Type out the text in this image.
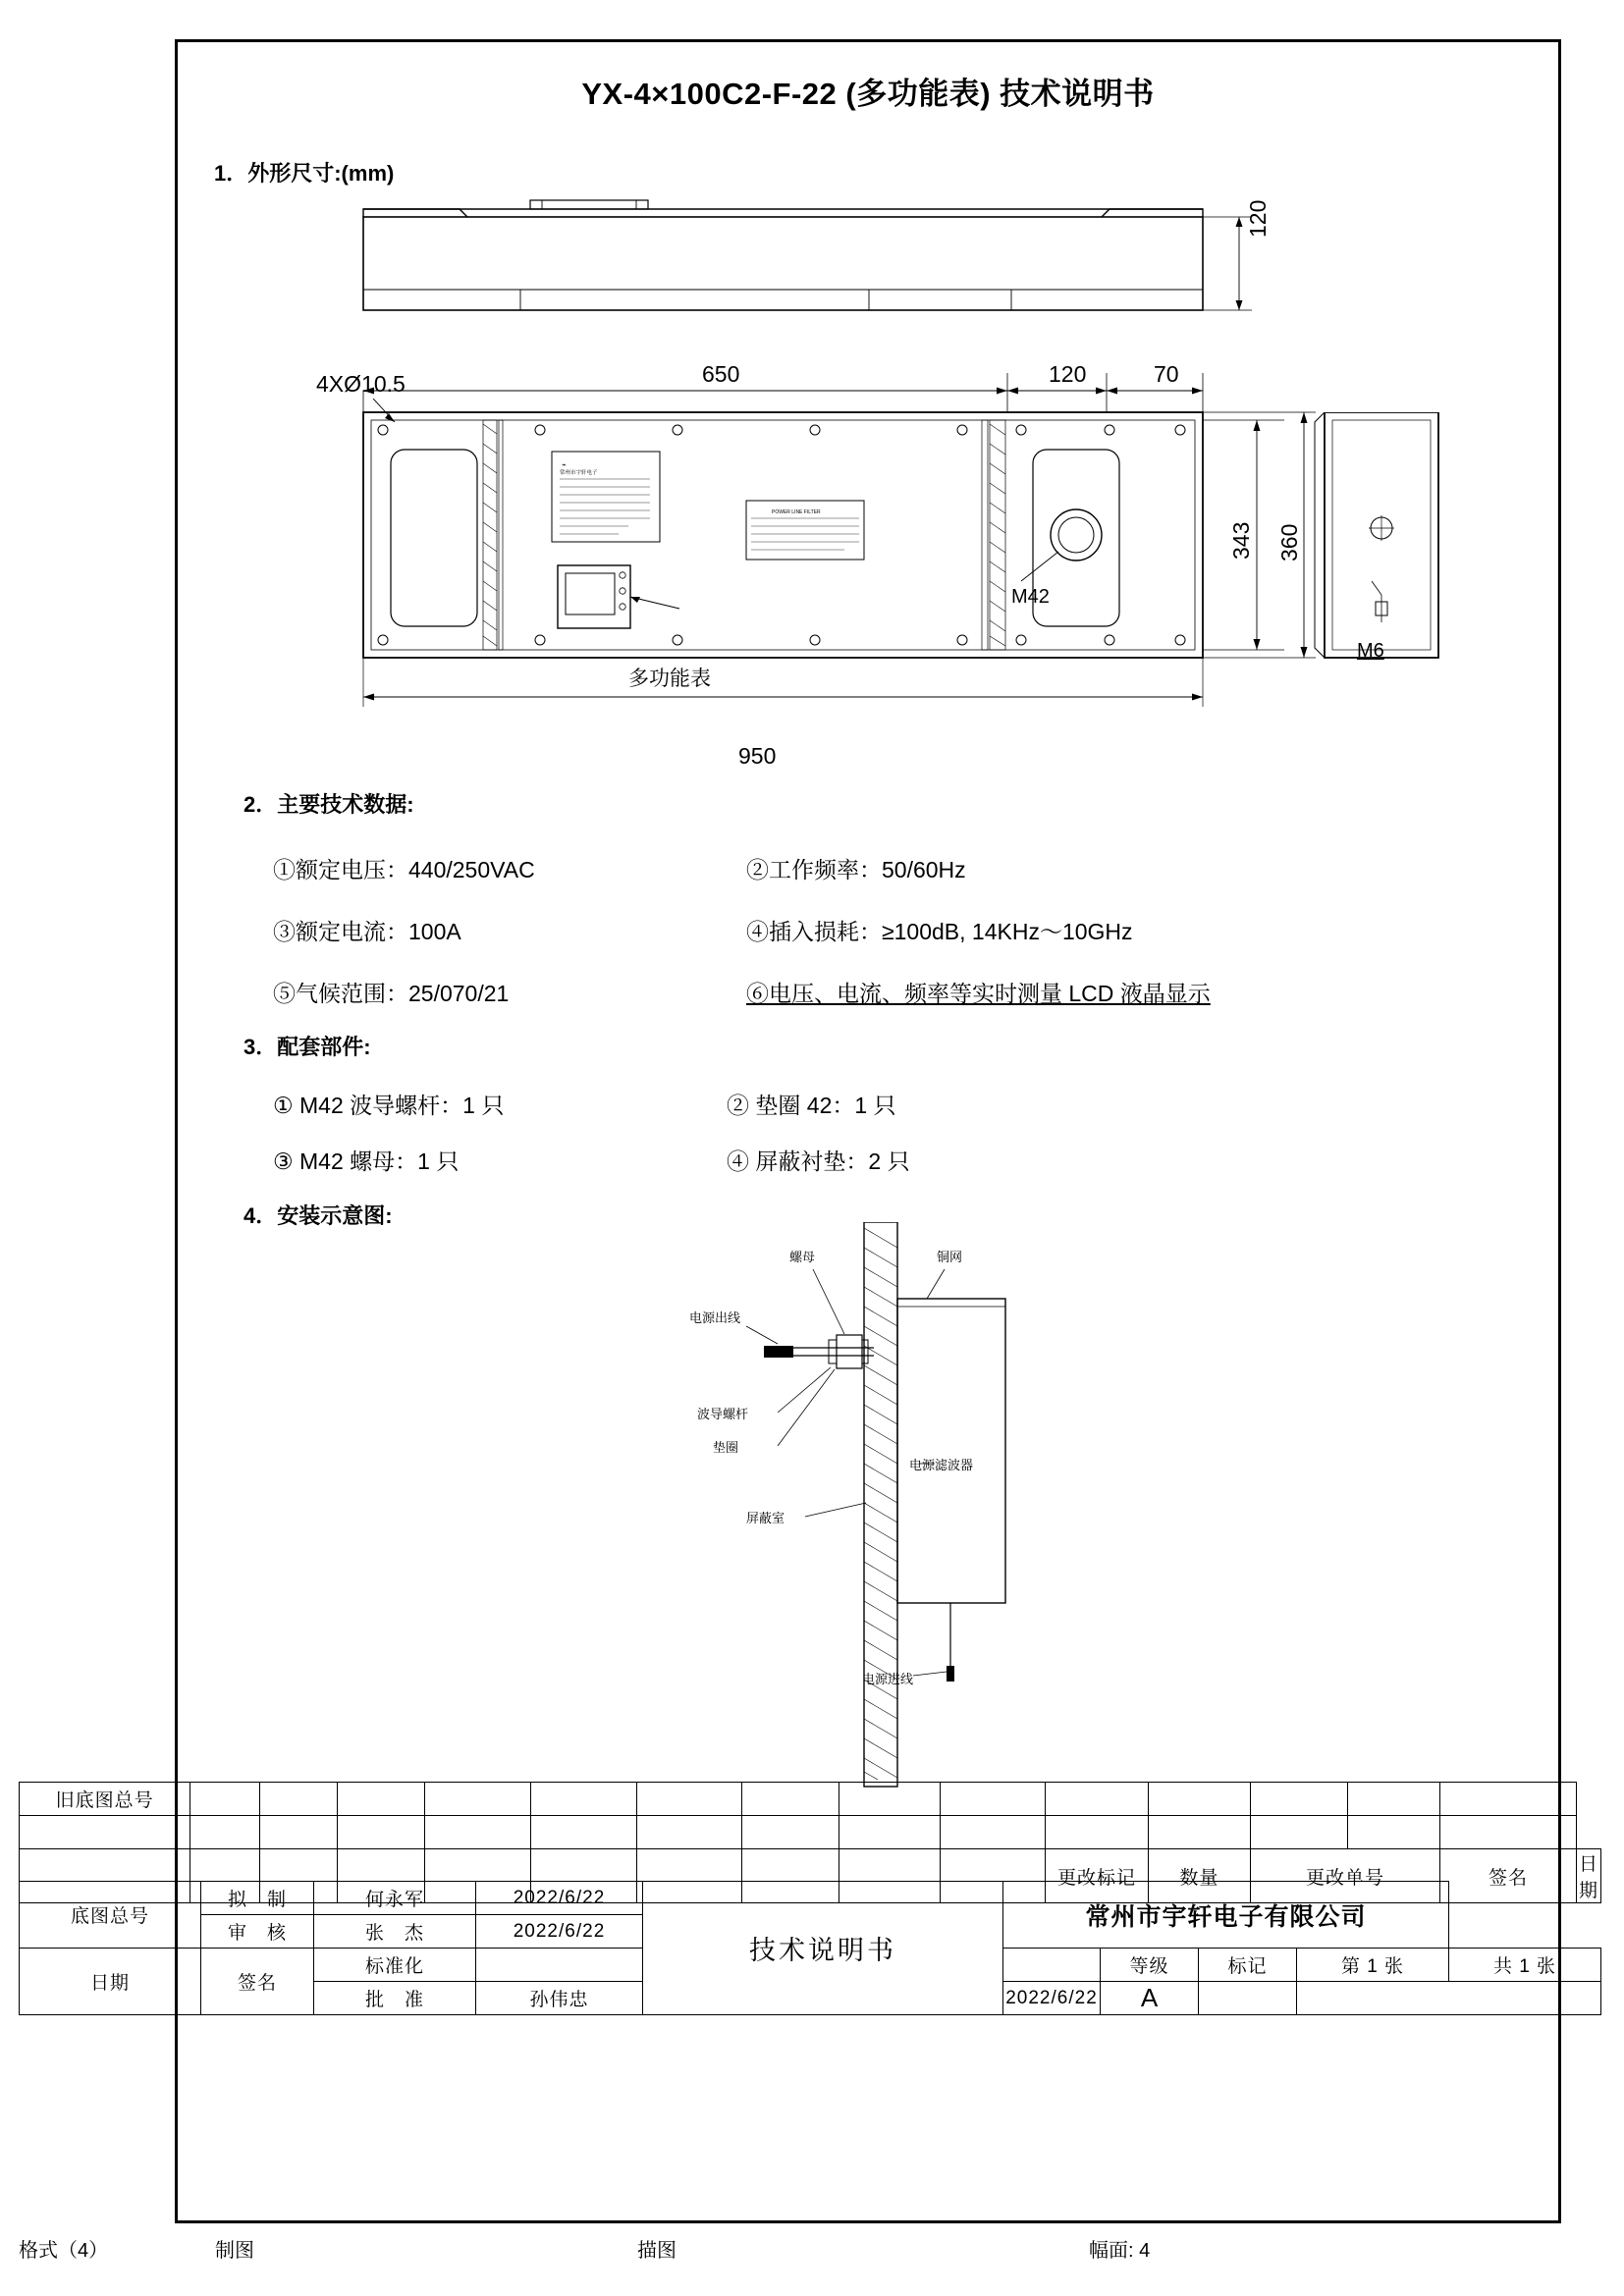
YX-4×100C2-F-22 (多功能表) 技术说明书
1．外形尺寸:(mm)
120
⌁
常州市宇轩电子
POWER LINE FILTER
4XØ10.5	650	120	70
343 360
950
M42
M6
多功能表
2．主要技术数据:
①额定电压：440/250VAC	②工作频率：50/60Hz
③额定电流：100A	④插入损耗：≥100dB, 14KHz～10GHz
⑤气候范围：25/070/21	⑥电压、电流、频率等实时测量 LCD 液晶显示
3．配套部件:
① M42 波导螺杆：1 只	② 垫圈 42：1 只
③ M42 螺母：1 只	④ 屏蔽衬垫：2 只
4．安装示意图:
螺母	铜网
电源出线
波导螺杆
垫圈
屏蔽室
电源滤波器
电源进线
旧底图总号															

										更改标记	数量	更改单号		签名	日期
底图总号	拟　制	何永军	2022/6/22	技术说明书	常州市宇轩电子有限公司				
	审　核	张　杰	2022/6/22						
日期	签名	标准化				等级	标记	第 1 张	共 1 张
		批　准	孙伟忠		2022/6/22	A			
格式（4）	制图	描图	幅面: 4
